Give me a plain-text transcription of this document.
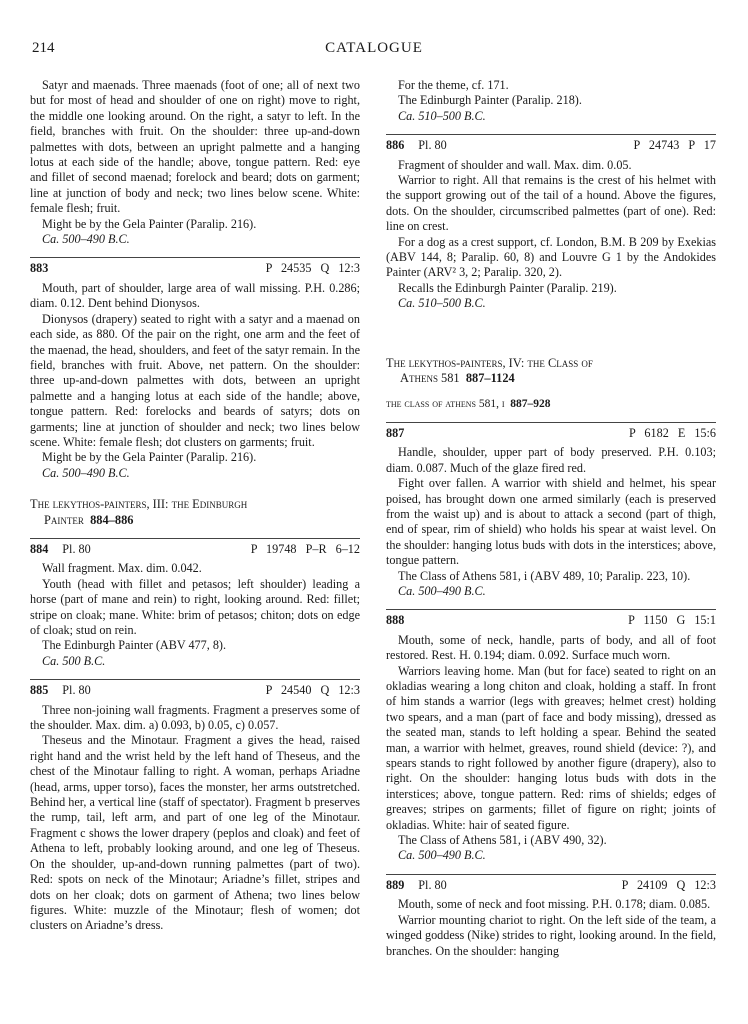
214	CATALOGUE

Satyr and maenads. Three maenads (foot of one; all of next two but for most of head and shoulder of one on right) move to right, the middle one looking around. On the right, a satyr to left. In the field, branches with fruit. On the shoulder: three up-and-down palmettes with dots, between an upright palmette and a hanging lotus at each side of the handle; above, tongue pattern. Red: eye and fillet of second maenad; forelock and beard; dots on garment; line at junction of body and neck; two lines below scene. White: female flesh; fruit.

Might be by the Gela Painter (Paralip. 216).

Ca. 500–490 B.C.

883	P 24535 Q 12:3

Mouth, part of shoulder, large area of wall missing. P.H. 0.286; diam. 0.12. Dent behind Dionysos.

Dionysos (drapery) seated to right with a satyr and a maenad on each side, as 880. Of the pair on the right, one arm and the feet of the maenad, the head, shoulders, and feet of the satyr remain. In the field, branches with fruit. Above, net pattern. On the shoulder: three up-and-down palmettes with dots, between an upright palmette and a hanging lotus at each side of the handle; above, tongue pattern. Red: forelocks and beards of satyrs; dots on garments; line at junction of shoulder and neck; two lines below scene. White: female flesh; dot clusters on garments; fruit.

Might be by the Gela Painter (Paralip. 216).

Ca. 500–490 B.C.

The lekythos-painters, III: the Edinburgh
Painter 884–886
884	Pl. 80	P 19748 P–R 6–12

Wall fragment. Max. dim. 0.042.

Youth (head with fillet and petasos; left shoulder) leading a horse (part of mane and rein) to right, looking around. Red: fillet; stripe on cloak; mane. White: brim of petasos; chiton; dots on edge of cloak; stud on rein.

The Edinburgh Painter (ABV 477, 8).

Ca. 500 B.C.

885	Pl. 80	P 24540 Q 12:3

Three non-joining wall fragments. Fragment a preserves some of the shoulder. Max. dim. a) 0.093, b) 0.05, c) 0.057.

Theseus and the Minotaur. Fragment a gives the head, raised right hand and the wrist held by the left hand of Theseus, and the chest of the Minotaur falling to right. A woman, perhaps Ariadne (head, arms, upper torso), faces the monster, her arms outstretched. Behind her, a vertical line (staff of spectator). Fragment b preserves the rump, tail, left arm, and part of one leg of the Minotaur. Fragment c shows the lower drapery (peplos and cloak) and feet of Athena to left, probably looking around, and one leg of Theseus. On the shoulder, up-and-down running palmettes (part of two). Red: spots on neck of the Minotaur; Ariadne’s fillet, stripes and dots on her cloak; dots on garment of Athena; two lines below figures. White: muzzle of the Minotaur; flesh of women; dot clusters on Ariadne’s dress.

For the theme, cf. 171.

The Edinburgh Painter (Paralip. 218).

Ca. 510–500 B.C.

886	Pl. 80	P 24743 P 17

Fragment of shoulder and wall. Max. dim. 0.05.

Warrior to right. All that remains is the crest of his helmet with the support growing out of the tail of a hound. Above the figures, dots. On the shoulder, circumscribed palmettes (part of one). Red: line on crest.

For a dog as a crest support, cf. London, B.M. B 209 by Exekias (ABV 144, 8; Paralip. 60, 8) and Louvre G 1 by the Andokides Painter (ARV² 3, 2; Paralip. 320, 2).

Recalls the Edinburgh Painter (Paralip. 219).

Ca. 510–500 B.C.

The lekythos-painters, IV: the Class of
Athens 581 887–1124
the class of athens 581, i 887–928
887	P 6182 E 15:6

Handle, shoulder, upper part of body preserved. P.H. 0.103; diam. 0.087. Much of the glaze fired red.

Fight over fallen. A warrior with shield and helmet, his spear poised, has brought down one armed similarly (each is preserved from the waist up) and is about to attack a second (part of thigh, end of spear, rim of shield) who holds his spear at waist level. On the shoulder: hanging lotus buds with dots in the interstices; above, tongue pattern.

The Class of Athens 581, i (ABV 489, 10; Paralip. 223, 10).

Ca. 500–490 B.C.

888	P 1150 G 15:1

Mouth, some of neck, handle, parts of body, and all of foot restored. Rest. H. 0.194; diam. 0.092. Surface much worn.

Warriors leaving home. Man (but for face) seated to right on an okladias wearing a long chiton and cloak, holding a staff. In front of him stands a warrior (legs with greaves; helmet crest) holding two spears, and a man (part of face and body missing), dressed as the seated man, stands to left holding a spear. Behind the seated man, a warrior with helmet, greaves, round shield (device: ?), and spears stands to right followed by another figure (drapery), also to right. On the shoulder: hanging lotus buds with dots in the interstices; above, tongue pattern. Red: rims of shields; edges of greaves; stripes on garments; fillet of figure on right; joints of okladias. White: hair of seated figure.

The Class of Athens 581, i (ABV 490, 32).

Ca. 500–490 B.C.

889	Pl. 80	P 24109 Q 12:3

Mouth, some of neck and foot missing. P.H. 0.178; diam. 0.085.

Warrior mounting chariot to right. On the left side of the team, a winged goddess (Nike) strides to right, looking around. In the field, branches. On the shoulder: hanging
